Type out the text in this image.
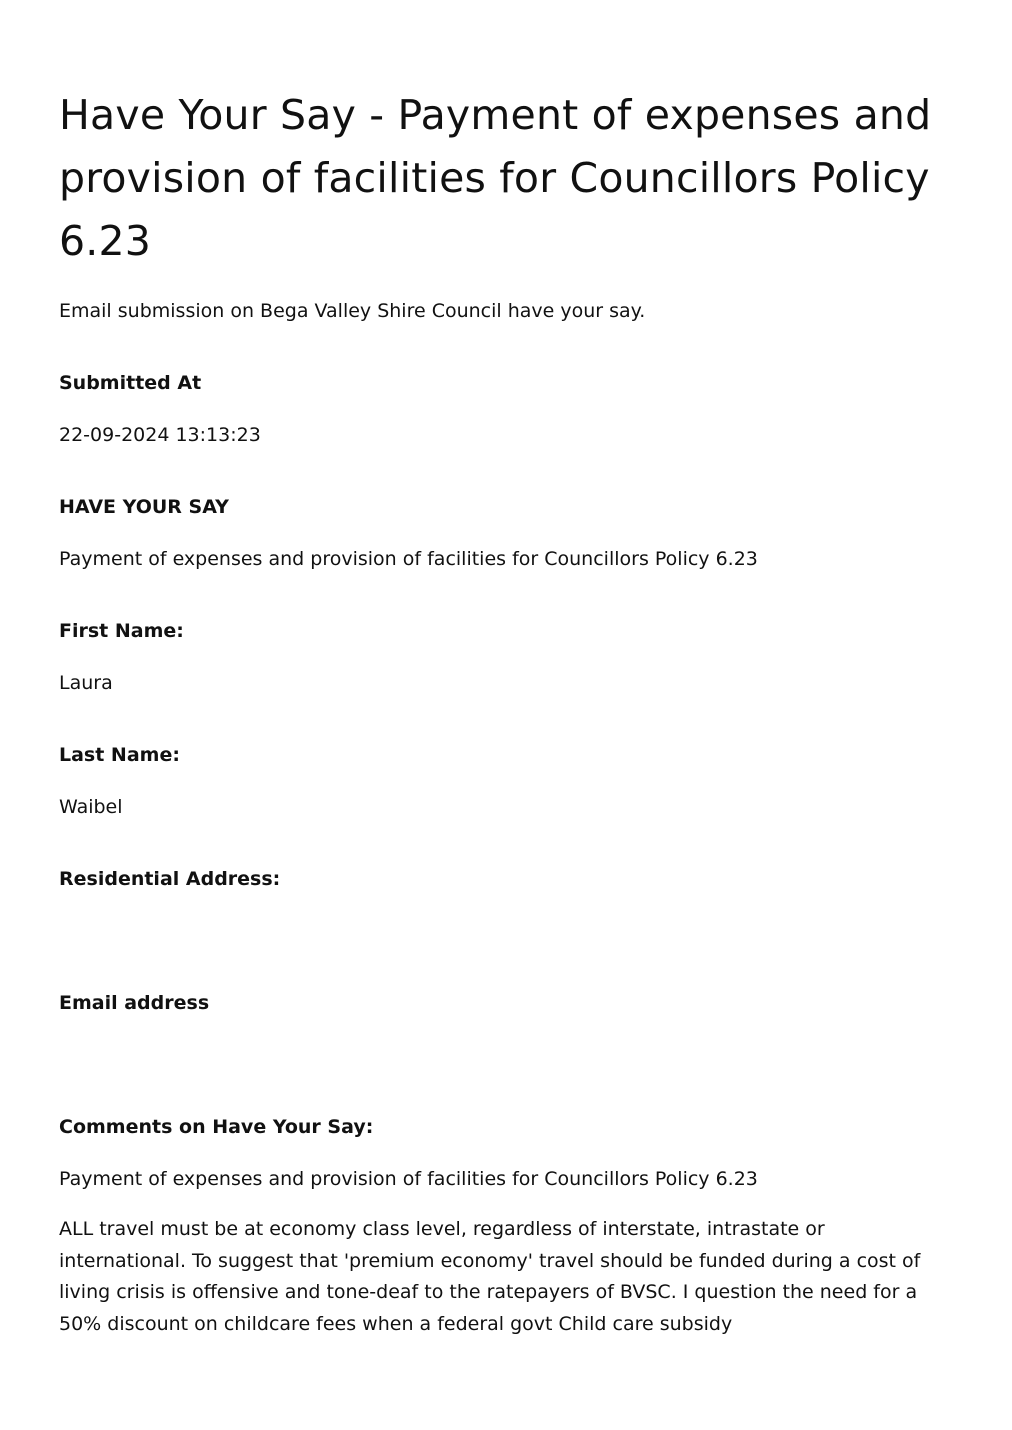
Have Your Say - Payment of expenses and provision of facilities for Councillors Policy 6.23

Email submission on Bega Valley Shire Council have your say.

Submitted At
22-09-2024 13:13:23
HAVE YOUR SAY
Payment of expenses and provision of facilities for Councillors Policy 6.23
First Name:
Laura
Last Name:
Waibel
Residential Address:
Email address
Comments on Have Your Say:
Payment of expenses and provision of facilities for Councillors Policy 6.23
ALL travel must be at economy class level, regardless of interstate, intrastate or international. To suggest that 'premium economy' travel should be funded during a cost of living crisis is offensive and tone-deaf to the ratepayers of BVSC. I question the need for a 50% discount on childcare fees when a federal govt Child care subsidy
